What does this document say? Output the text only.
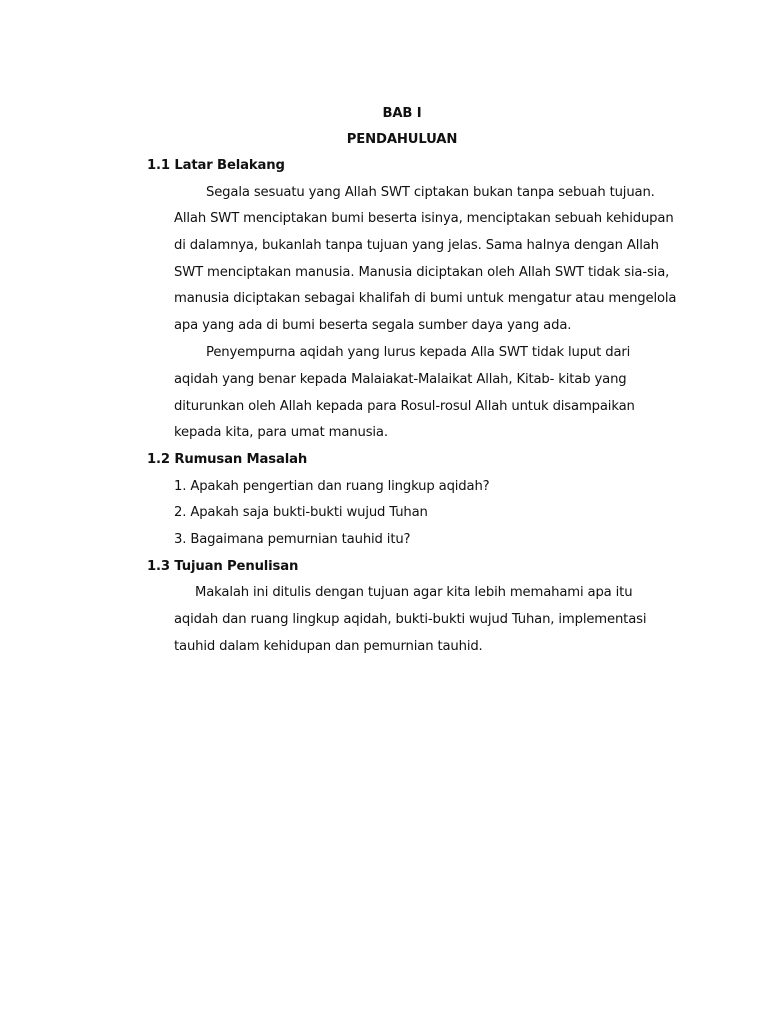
BAB I
PENDAHULUAN
1.1 Latar Belakang
Segala sesuatu yang Allah SWT ciptakan bukan tanpa sebuah tujuan.
Allah SWT menciptakan bumi beserta isinya, menciptakan sebuah kehidupan
di dalamnya, bukanlah tanpa tujuan yang jelas. Sama halnya dengan Allah
SWT menciptakan manusia. Manusia diciptakan oleh Allah SWT tidak sia-sia,
manusia diciptakan sebagai khalifah di bumi untuk mengatur atau mengelola
apa yang ada di bumi beserta segala sumber daya yang ada.
Penyempurna aqidah yang lurus kepada Alla SWT tidak luput dari
aqidah yang benar kepada Malaiakat-Malaikat Allah, Kitab- kitab yang
diturunkan oleh Allah kepada para Rosul-rosul Allah untuk disampaikan
kepada kita, para umat manusia.
1.2 Rumusan Masalah
1. Apakah pengertian dan ruang lingkup aqidah?
2. Apakah saja bukti-bukti wujud Tuhan
3. Bagaimana pemurnian tauhid itu?
1.3 Tujuan Penulisan
Makalah ini ditulis dengan tujuan agar kita lebih memahami apa itu
aqidah dan ruang lingkup aqidah, bukti-bukti wujud Tuhan, implementasi
tauhid dalam kehidupan dan pemurnian tauhid.
